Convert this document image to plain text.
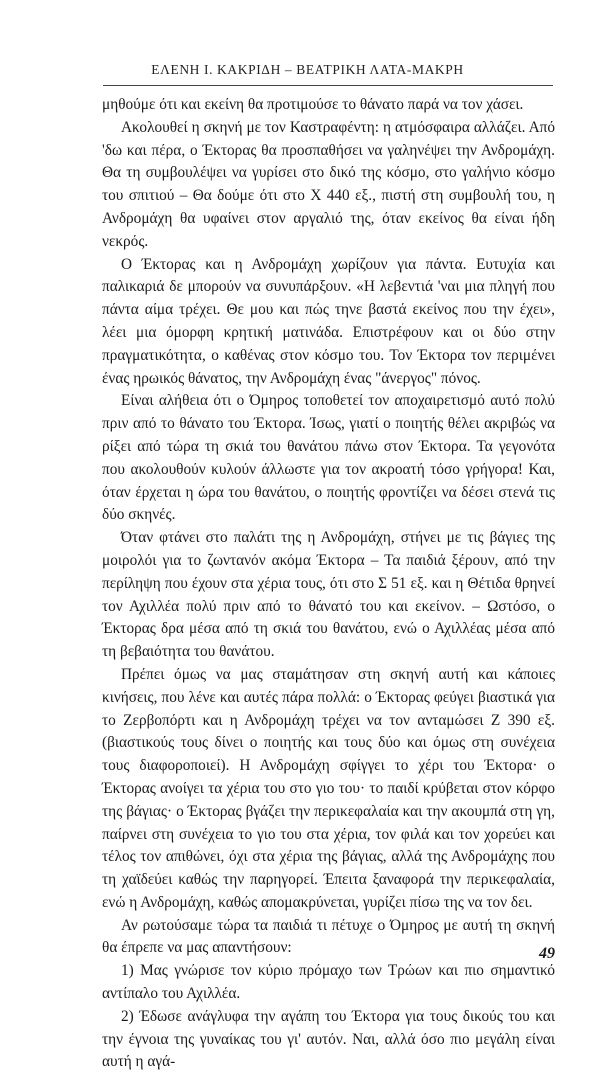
ΕΛΕΝΗ Ι. ΚΑΚΡΙΔΗ – ΒΕΑΤΡΙΚΗ ΛΑΤΑ-ΜΑΚΡΗ

μηθούμε ότι και εκείνη θα προτιμούσε το θάνατο παρά να τον χάσει.

Ακολουθεί η σκηνή με τον Καστραφέντη: η ατμόσφαιρα αλλάζει. Από 'δω και πέρα, ο Έκτορας θα προσπαθήσει να γαληνέψει την Ανδρομάχη. Θα τη συμβουλέψει να γυρίσει στο δικό της κόσμο, στο γαλήνιο κόσμο του σπιτιού – Θα δούμε ότι στο Χ 440 εξ., πιστή στη συμβουλή του, η Ανδρομάχη θα υφαίνει στον αργαλιό της, όταν εκείνος θα είναι ήδη νεκρός.

Ο Έκτορας και η Ανδρομάχη χωρίζουν για πάντα. Ευτυχία και παλικαριά δε μπορούν να συνυπάρξουν. «Η λεβεντιά 'ναι μια πληγή που πάντα αίμα τρέχει. Θε μου και πώς τηνε βαστά εκείνος που την έχει», λέει μια όμορφη κρητική ματινάδα. Επιστρέφουν και οι δύο στην πραγματικότητα, ο καθένας στον κόσμο του. Τον Έκτορα τον περιμένει ένας ηρωικός θάνατος, την Ανδρομάχη ένας "άνεργος" πόνος.

Είναι αλήθεια ότι ο Όμηρος τοποθετεί τον αποχαιρετισμό αυτό πολύ πριν από το θάνατο του Έκτορα. Ίσως, γιατί ο ποιητής θέλει ακριβώς να ρίξει από τώρα τη σκιά του θανάτου πάνω στον Έκτορα. Τα γεγονότα που ακολουθούν κυλούν άλλωστε για τον ακροατή τόσο γρήγορα! Και, όταν έρχεται η ώρα του θανάτου, ο ποιητής φροντίζει να δέσει στενά τις δύο σκηνές.

Όταν φτάνει στο παλάτι της η Ανδρομάχη, στήνει με τις βάγιες της μοιρολόι για το ζωντανόν ακόμα Έκτορα – Τα παιδιά ξέρουν, από την περίληψη που έχουν στα χέρια τους, ότι στο Σ 51 εξ. και η Θέτιδα θρηνεί τον Αχιλλέα πολύ πριν από το θάνατό του και εκείνον. – Ωστόσο, ο Έκτορας δρα μέσα από τη σκιά του θανάτου, ενώ ο Αχιλλέας μέσα από τη βεβαιότητα του θανάτου.

Πρέπει όμως να μας σταμάτησαν στη σκηνή αυτή και κάποιες κινήσεις, που λένε και αυτές πάρα πολλά: ο Έκτορας φεύγει βιαστικά για το Ζερβοπόρτι και η Ανδρομάχη τρέχει να τον ανταμώσει Ζ 390 εξ. (βιαστικούς τους δίνει ο ποιητής και τους δύο και όμως στη συνέχεια τους διαφοροποιεί). Η Ανδρομάχη σφίγγει το χέρι του Έκτορα· ο Έκτορας ανοίγει τα χέρια του στο γιο του· το παιδί κρύβεται στον κόρφο της βάγιας· ο Έκτορας βγάζει την περικεφαλαία και την ακουμπά στη γη, παίρνει στη συνέχεια το γιο του στα χέρια, τον φιλά και τον χορεύει και τέλος τον απιθώνει, όχι στα χέρια της βάγιας, αλλά της Ανδρομάχης που τη χαϊδεύει καθώς την παρηγορεί. Έπειτα ξαναφορά την περικεφαλαία, ενώ η Ανδρομάχη, καθώς απομακρύνεται, γυρίζει πίσω της να τον δει.

Αν ρωτούσαμε τώρα τα παιδιά τι πέτυχε ο Όμηρος με αυτή τη σκηνή θα έπρεπε να μας απαντήσουν:

1) Μας γνώρισε τον κύριο πρόμαχο των Τρώων και πιο σημαντικό αντίπαλο του Αχιλλέα.

2) Έδωσε ανάγλυφα την αγάπη του Έκτορα για τους δικούς του και την έγνοια της γυναίκας του γι' αυτόν. Ναι, αλλά όσο πιο μεγάλη είναι αυτή η αγά-

49
